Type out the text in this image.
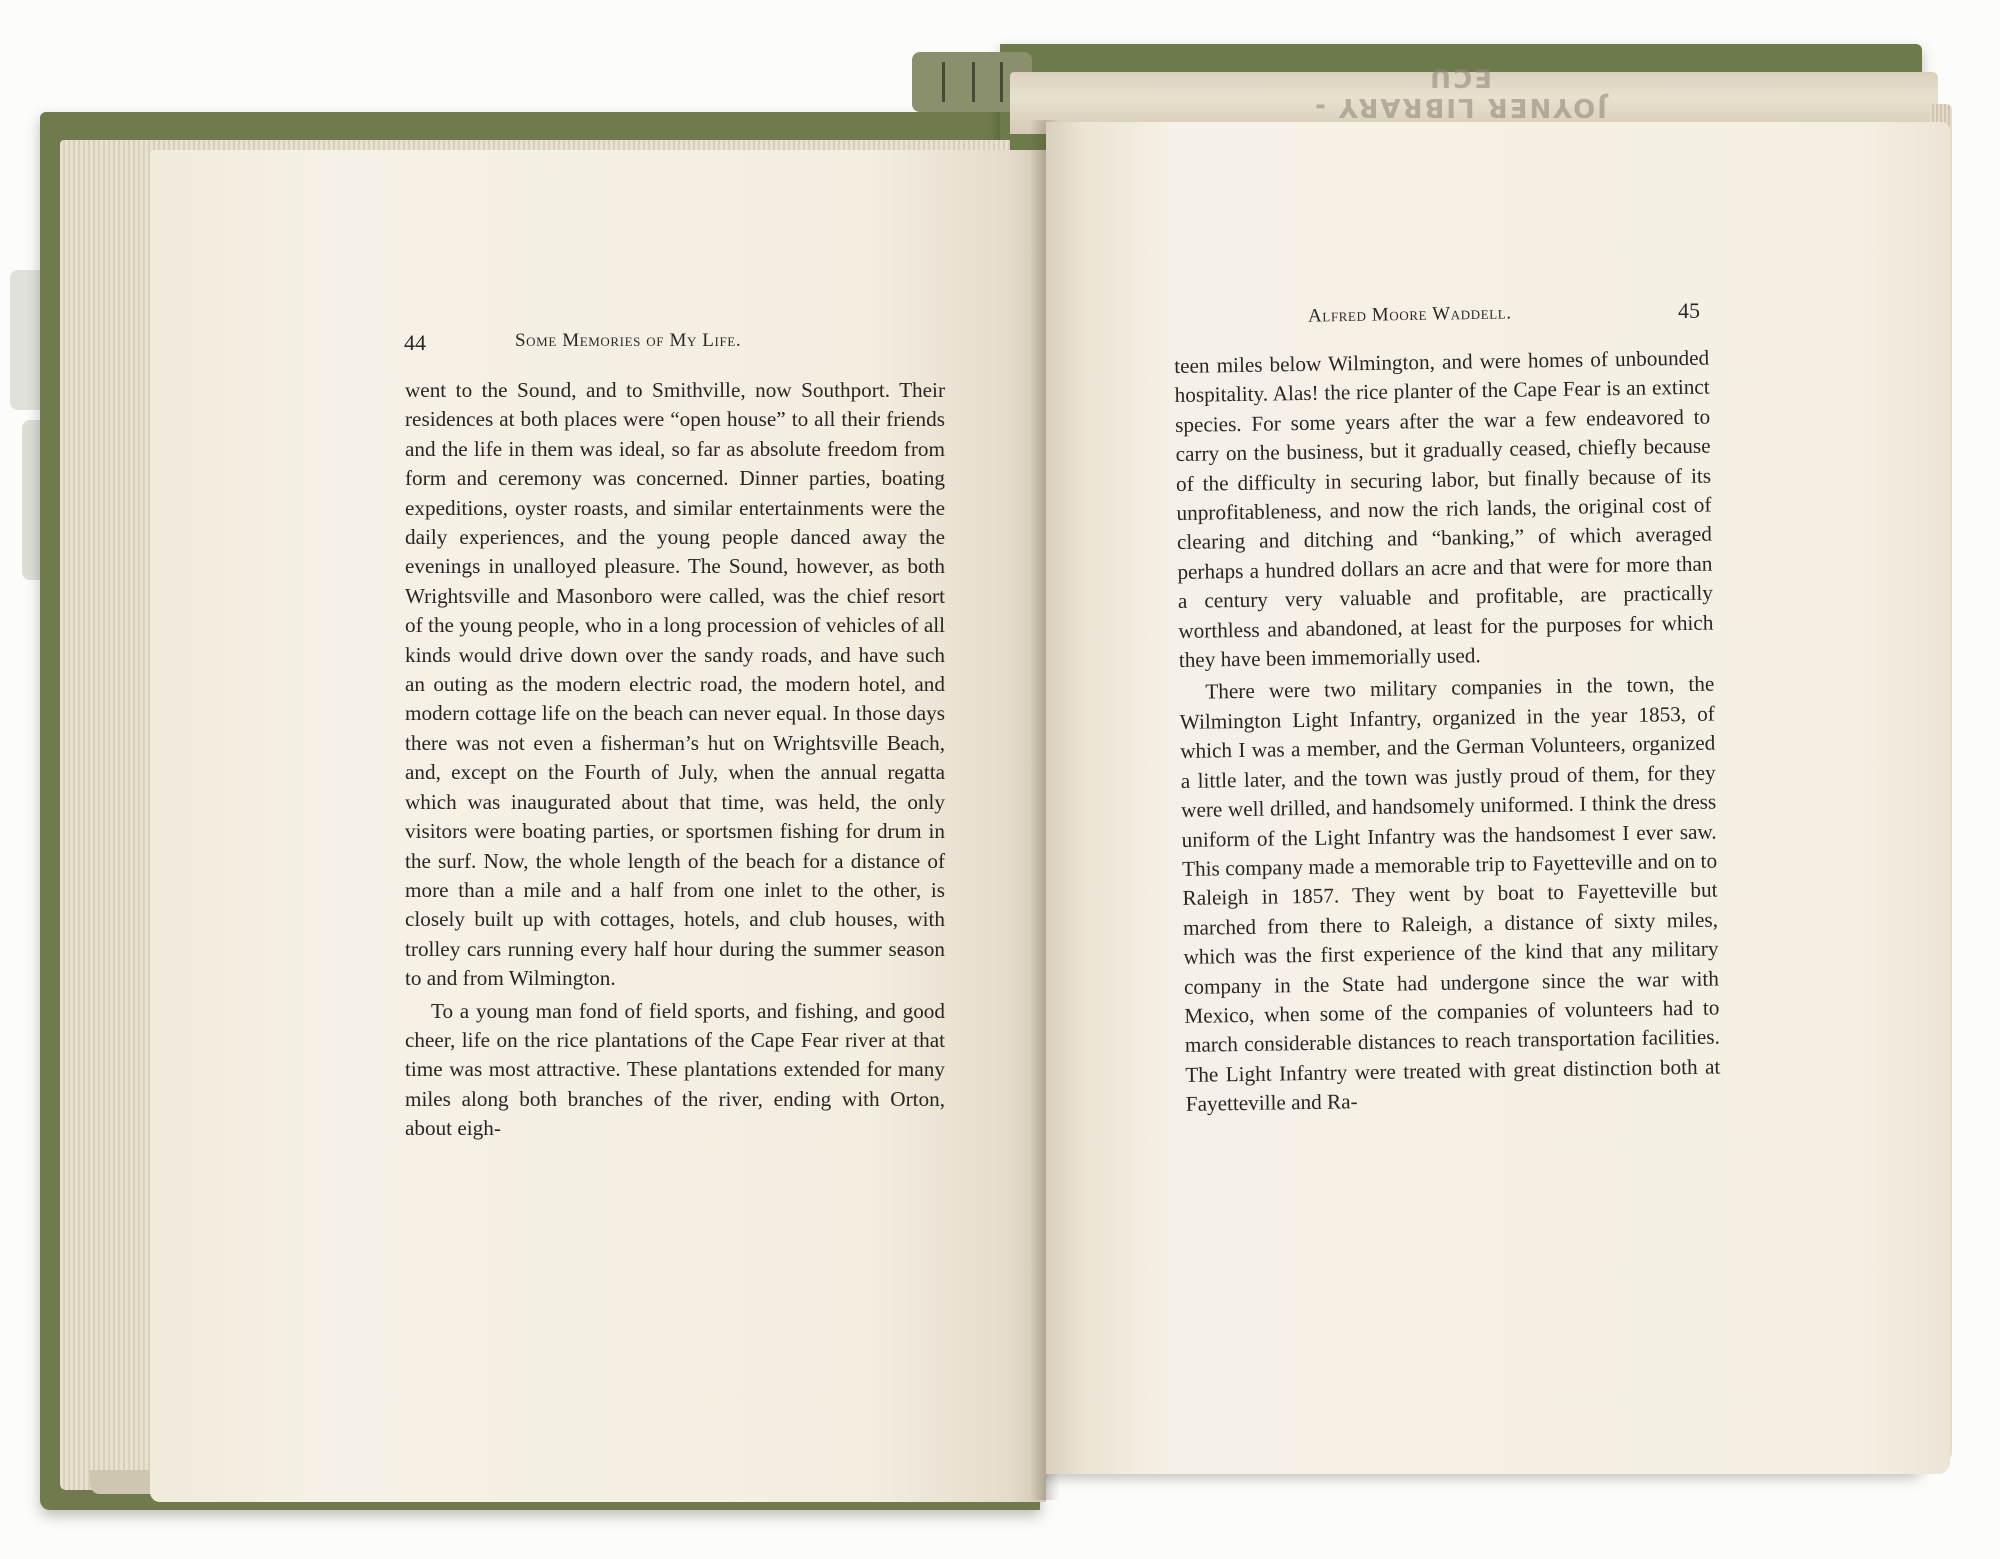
JOYNER LIBRARY - ECU
44	Some Memories of My Life.

went to the Sound, and to Smithville, now Southport. Their residences at both places were “open house” to all their friends and the life in them was ideal, so far as absolute freedom from form and ceremony was concerned. Dinner parties, boating expeditions, oyster roasts, and similar entertainments were the daily experiences, and the young people danced away the evenings in unalloyed pleasure. The Sound, however, as both Wrightsville and Masonboro were called, was the chief resort of the young people, who in a long procession of vehicles of all kinds would drive down over the sandy roads, and have such an outing as the modern electric road, the modern hotel, and modern cottage life on the beach can never equal. In those days there was not even a fisherman’s hut on Wrightsville Beach, and, except on the Fourth of July, when the annual regatta which was inaugurated about that time, was held, the only visitors were boating parties, or sportsmen fishing for drum in the surf. Now, the whole length of the beach for a distance of more than a mile and a half from one inlet to the other, is closely built up with cottages, hotels, and club houses, with trolley cars running every half hour during the summer season to and from Wilmington.

To a young man fond of field sports, and fishing, and good cheer, life on the rice plantations of the Cape Fear river at that time was most attractive. These plantations extended for many miles along both branches of the river, ending with Orton, about eigh-

Alfred Moore Waddell.	45

teen miles below Wilmington, and were homes of unbounded hospitality. Alas! the rice planter of the Cape Fear is an extinct species. For some years after the war a few endeavored to carry on the business, but it gradually ceased, chiefly because of the difficulty in securing labor, but finally because of its unprofitableness, and now the rich lands, the original cost of clearing and ditching and “banking,” of which averaged perhaps a hundred dollars an acre and that were for more than a century very valuable and profitable, are practically worthless and abandoned, at least for the purposes for which they have been immemorially used.

There were two military companies in the town, the Wilmington Light Infantry, organized in the year 1853, of which I was a member, and the German Volunteers, organized a little later, and the town was justly proud of them, for they were well drilled, and handsomely uniformed. I think the dress uniform of the Light Infantry was the handsomest I ever saw. This company made a memorable trip to Fayetteville and on to Raleigh in 1857. They went by boat to Fayetteville but marched from there to Raleigh, a distance of sixty miles, which was the first experience of the kind that any military company in the State had undergone since the war with Mexico, when some of the companies of volunteers had to march considerable distances to reach transportation facilities. The Light Infantry were treated with great distinction both at Fayetteville and Ra-
